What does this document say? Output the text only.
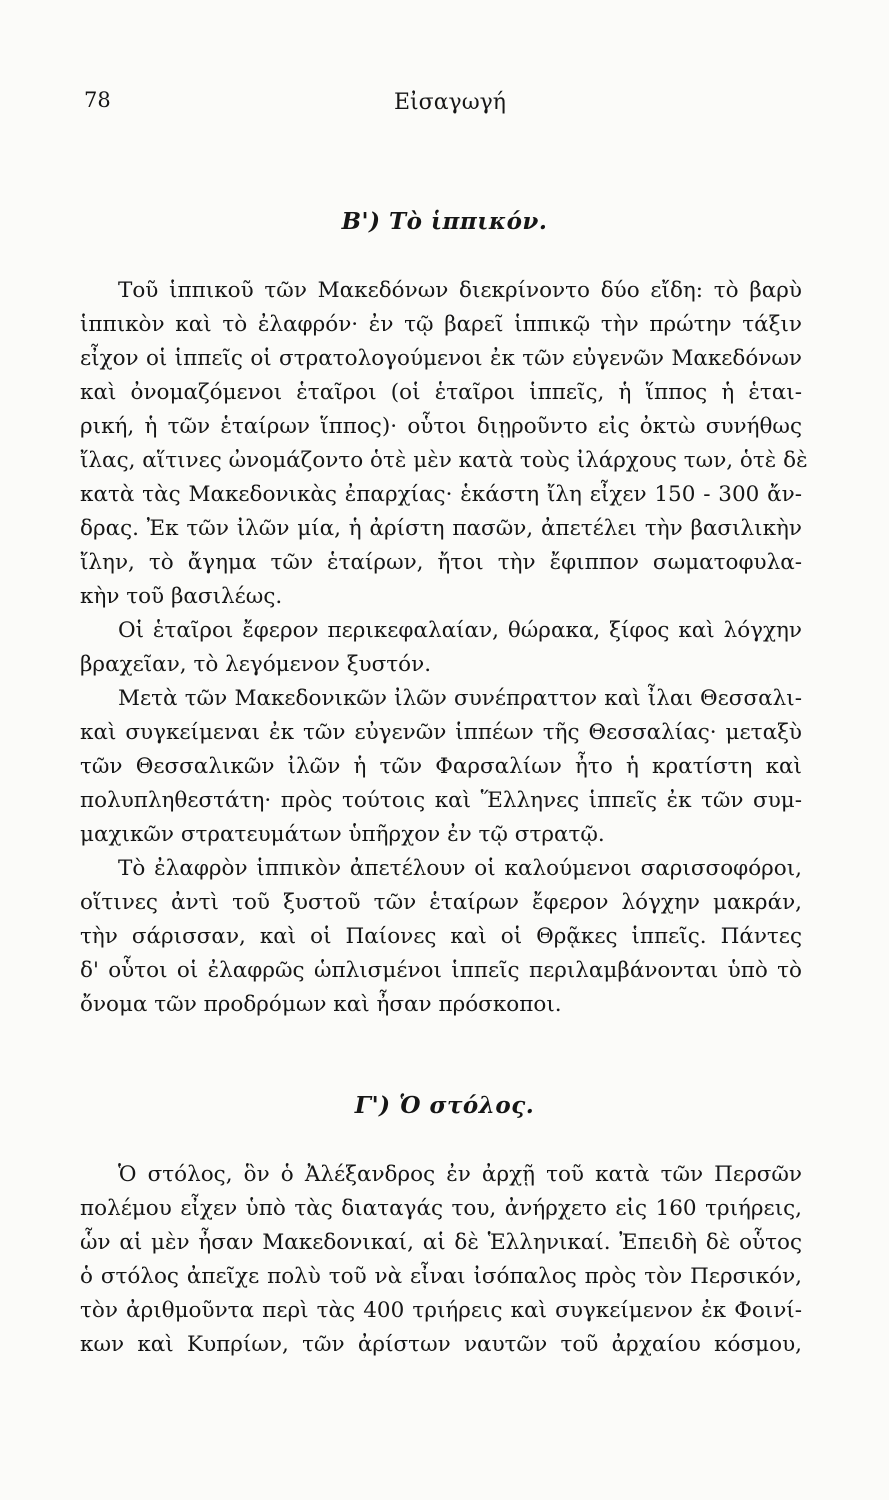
78	Εἰσαγωγή
Β') Τὸ ἱππικόν.
Τοῦ ἱππικοῦ τῶν Μακεδόνων διεκρίνοντο δύο εἴδη: τὸ βαρὺ
ἱππικὸν καὶ τὸ ἐλαφρόν· ἐν τῷ βαρεῖ ἱππικῷ τὴν πρώτην τάξιν
εἶχον οἱ ἱππεῖς οἱ στρατολογούμενοι ἐκ τῶν εὐγενῶν Μακεδόνων
καὶ ὀνομαζόμενοι ἑταῖροι (οἱ ἑταῖροι ἱππεῖς, ἡ ἵππος ἡ ἑται-
ρική, ἡ τῶν ἑταίρων ἵππος)· οὗτοι διῃροῦντο εἰς ὀκτὼ συνήθως
ἴλας, αἵτινες ὠνομάζοντο ὁτὲ μὲν κατὰ τοὺς ἰλάρχους των, ὁτὲ δὲ
κατὰ τὰς Μακεδονικὰς ἐπαρχίας· ἑκάστη ἴλη εἶχεν 150 - 300 ἄν-
δρας. Ἐκ τῶν ἰλῶν μία, ἡ ἀρίστη πασῶν, ἀπετέλει τὴν βασιλικὴν
ἴλην, τὸ ἄγημα τῶν ἑταίρων, ἤτοι τὴν ἔφιππον σωματοφυλα-
κὴν τοῦ βασιλέως.
Οἱ ἑταῖροι ἔφερον περικεφαλαίαν, θώρακα, ξίφος καὶ λόγχην
βραχεῖαν, τὸ λεγόμενον ξυστόν.
Μετὰ τῶν Μακεδονικῶν ἰλῶν συνέπραττον καὶ ἶλαι Θεσσαλι-
καὶ συγκείμεναι ἐκ τῶν εὐγενῶν ἱππέων τῆς Θεσσαλίας· μεταξὺ
τῶν Θεσσαλικῶν ἰλῶν ἡ τῶν Φαρσαλίων ἦτο ἡ κρατίστη καὶ
πολυπληθεστάτη· πρὸς τούτοις καὶ Ἕλληνες ἱππεῖς ἐκ τῶν συμ-
μαχικῶν στρατευμάτων ὑπῆρχον ἐν τῷ στρατῷ.
Τὸ ἐλαφρὸν ἱππικὸν ἀπετέλουν οἱ καλούμενοι σαρισσοφόροι,
οἵτινες ἀντὶ τοῦ ξυστοῦ τῶν ἑταίρων ἔφερον λόγχην μακράν,
τὴν σάρισσαν, καὶ οἱ Παίονες καὶ οἱ Θρᾷκες ἱππεῖς. Πάντες
δ' οὗτοι οἱ ἐλαφρῶς ὡπλισμένοι ἱππεῖς περιλαμβάνονται ὑπὸ τὸ
ὄνομα τῶν προδρόμων καὶ ἦσαν πρόσκοποι.
Γ') Ὁ στόλος.
Ὁ στόλος, ὃν ὁ Ἀλέξανδρος ἐν ἀρχῇ τοῦ κατὰ τῶν Περσῶν
πολέμου εἶχεν ὑπὸ τὰς διαταγάς του, ἀνήρχετο εἰς 160 τριήρεις,
ὧν αἱ μὲν ἦσαν Μακεδονικαί, αἱ δὲ Ἑλληνικαί. Ἐπειδὴ δὲ οὗτος
ὁ στόλος ἀπεῖχε πολὺ τοῦ νὰ εἶναι ἰσόπαλος πρὸς τὸν Περσικόν,
τὸν ἀριθμοῦντα περὶ τὰς 400 τριήρεις καὶ συγκείμενον ἐκ Φοινί-
κων καὶ Κυπρίων, τῶν ἀρίστων ναυτῶν τοῦ ἀρχαίου κόσμου,
